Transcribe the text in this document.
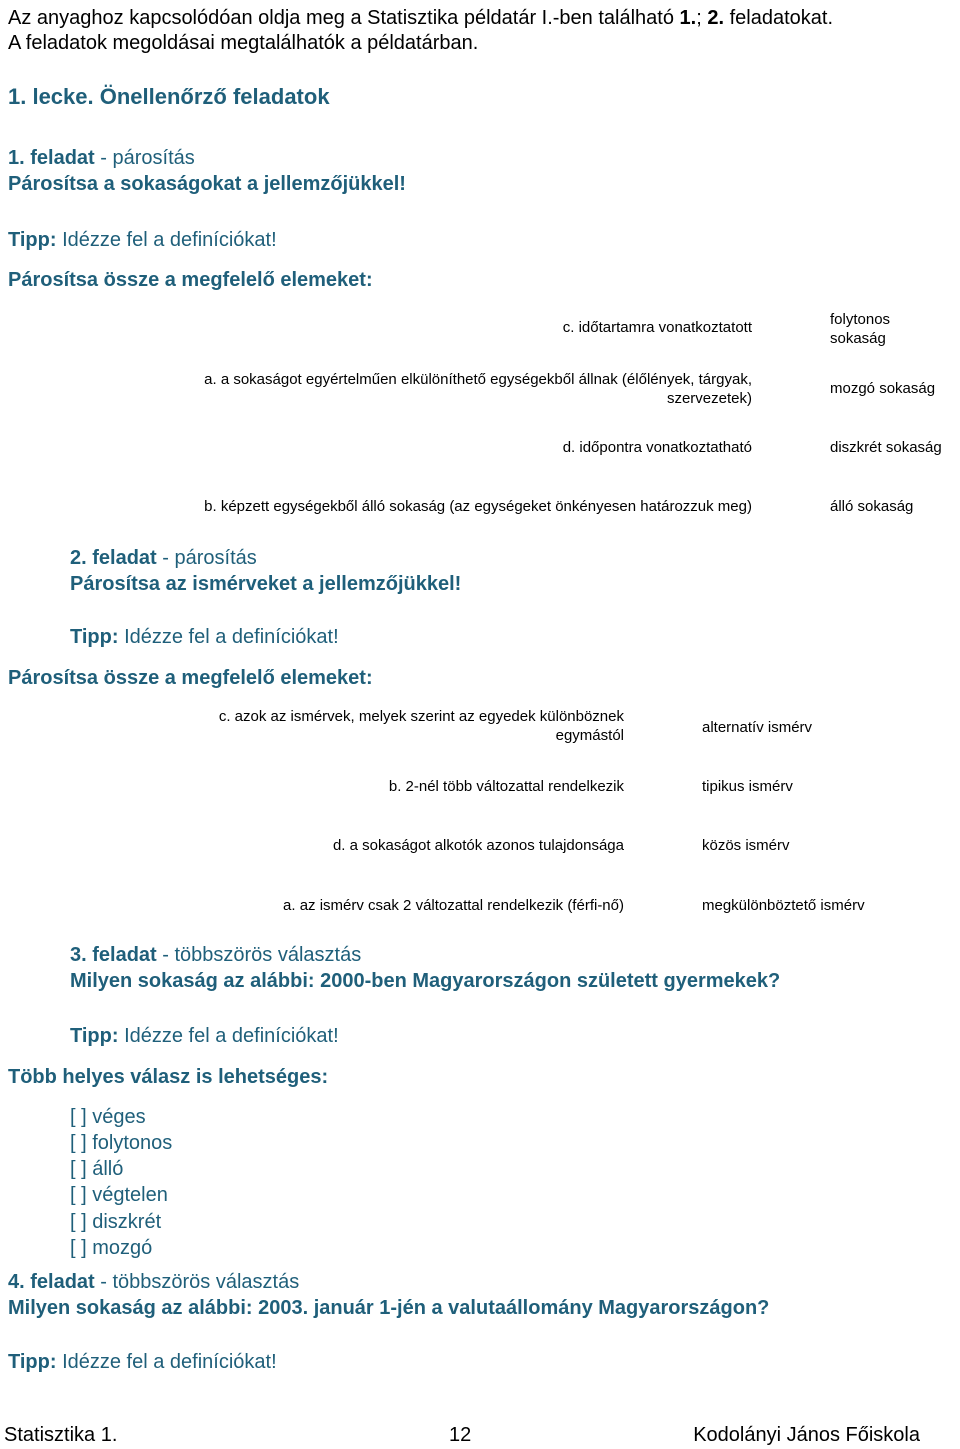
Az anyaghoz kapcsolódóan oldja meg a Statisztika példatár I.-ben található 1.; 2. feladatokat.
A feladatok megoldásai megtalálhatók a példatárban.
1. lecke. Önellenőrző feladatok
1. feladat - párosítás
Párosítsa a sokaságokat a jellemzőjükkel!
Tipp: Idézze fel a definíciókat!
Párosítsa össze a megfelelő elemeket:
c. időtartamra vonatkoztatott
a. a sokaságot egyértelműen elkülöníthető egységekből állnak (élőlények, tárgyak,
szervezetek)
d. időpontra vonatkoztatható
b. képzett egységekből álló sokaság (az egységeket önkényesen határozzuk meg)
folytonos
sokaság
mozgó sokaság
diszkrét sokaság
álló sokaság
2. feladat - párosítás
Párosítsa az ismérveket a jellemzőjükkel!
Tipp: Idézze fel a definíciókat!
Párosítsa össze a megfelelő elemeket:
c. azok az ismérvek, melyek szerint az egyedek különböznek
egymástól
b. 2-nél több változattal rendelkezik
d. a sokaságot alkotók azonos tulajdonsága
a. az ismérv csak 2 változattal rendelkezik (férfi-nő)
alternatív ismérv
tipikus ismérv
közös ismérv
megkülönböztető ismérv
3. feladat - többszörös választás
Milyen sokaság az alábbi: 2000-ben Magyarországon született gyermekek?
Tipp: Idézze fel a definíciókat!
Több helyes válasz is lehetséges:
[ ] véges
[ ] folytonos
[ ] álló
[ ] végtelen
[ ] diszkrét
[ ] mozgó
4. feladat - többszörös választás
Milyen sokaság az alábbi: 2003. január 1-jén a valutaállomány Magyarországon?
Tipp: Idézze fel a definíciókat!
Statisztika 1.	12	Kodolányi János Főiskola
